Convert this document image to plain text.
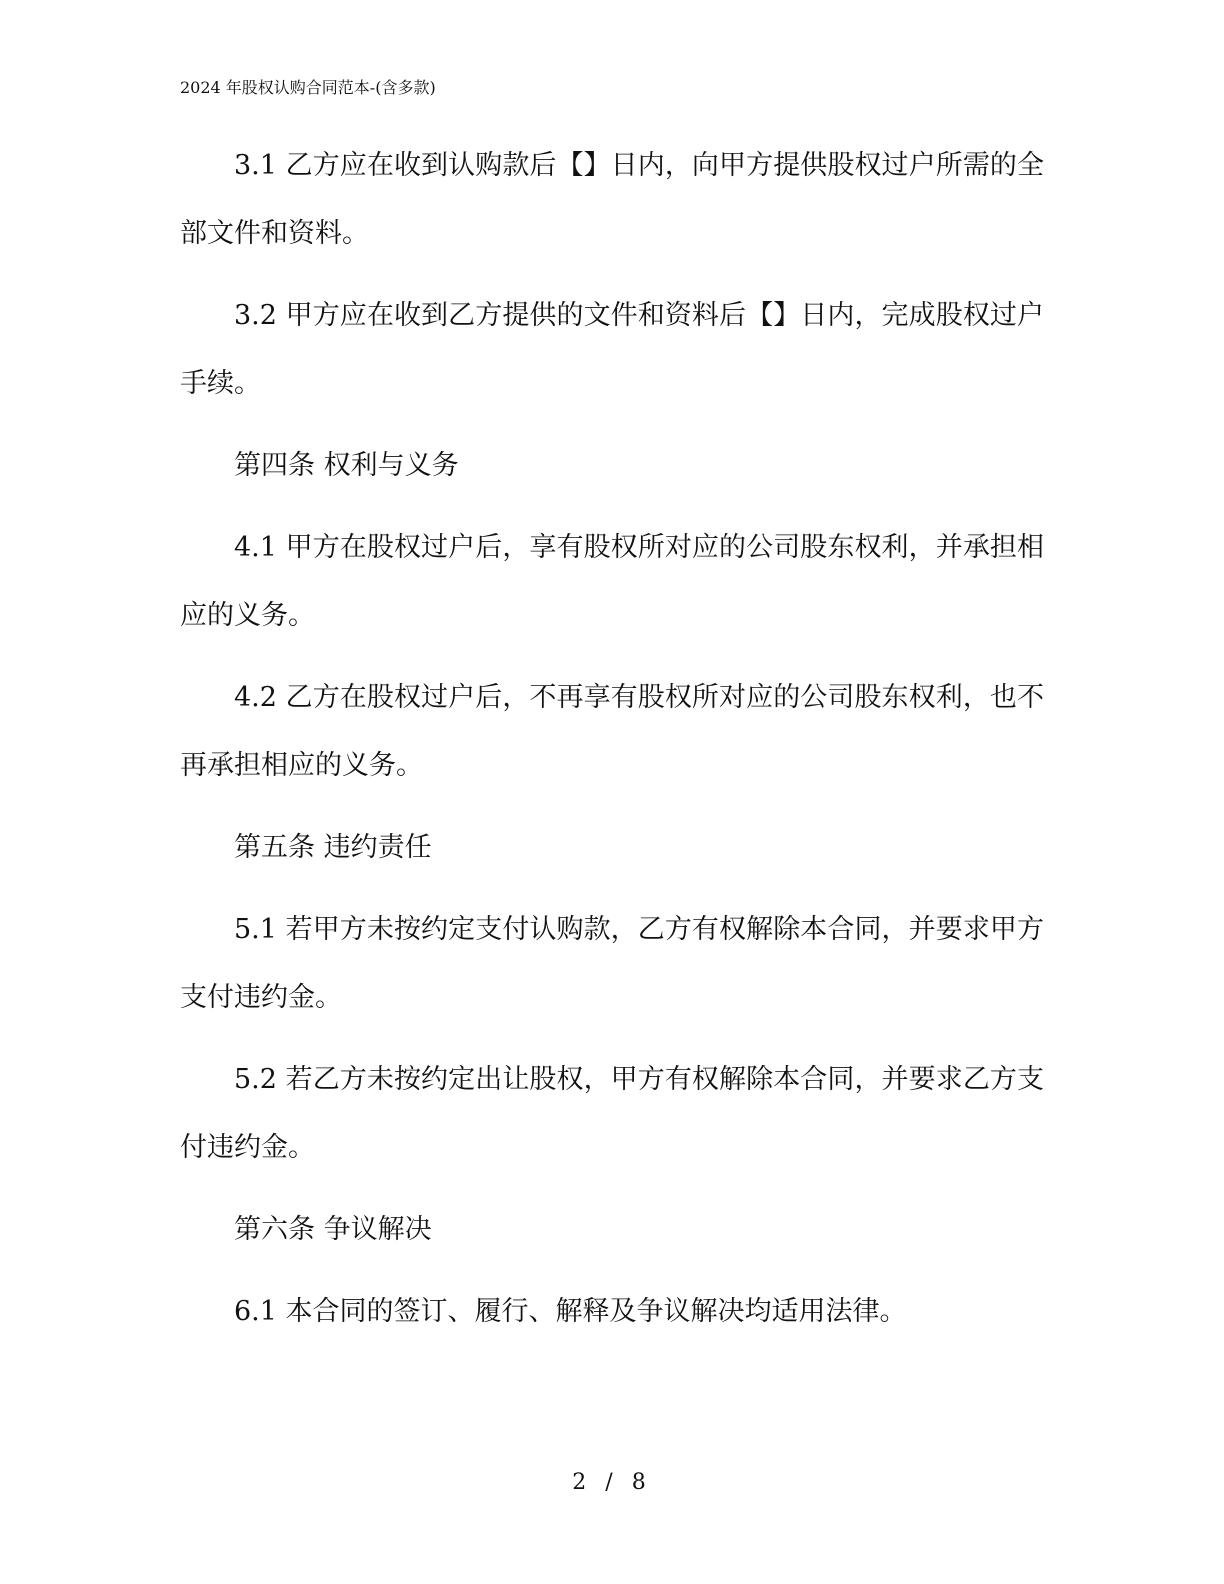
2024 年股权认购合同范本-(含多款)

3.1 乙方应在收到认购款后【】日内，向甲方提供股权过户所需的全部文件和资料。

3.2 甲方应在收到乙方提供的文件和资料后【】日内，完成股权过户手续。

第四条 权利与义务

4.1 甲方在股权过户后，享有股权所对应的公司股东权利，并承担相应的义务。

4.2 乙方在股权过户后，不再享有股权所对应的公司股东权利，也不再承担相应的义务。

第五条 违约责任

5.1 若甲方未按约定支付认购款，乙方有权解除本合同，并要求甲方支付违约金。

5.2 若乙方未按约定出让股权，甲方有权解除本合同，并要求乙方支付违约金。

第六条 争议解决

6.1 本合同的签订、履行、解释及争议解决均适用法律。

2 / 8
